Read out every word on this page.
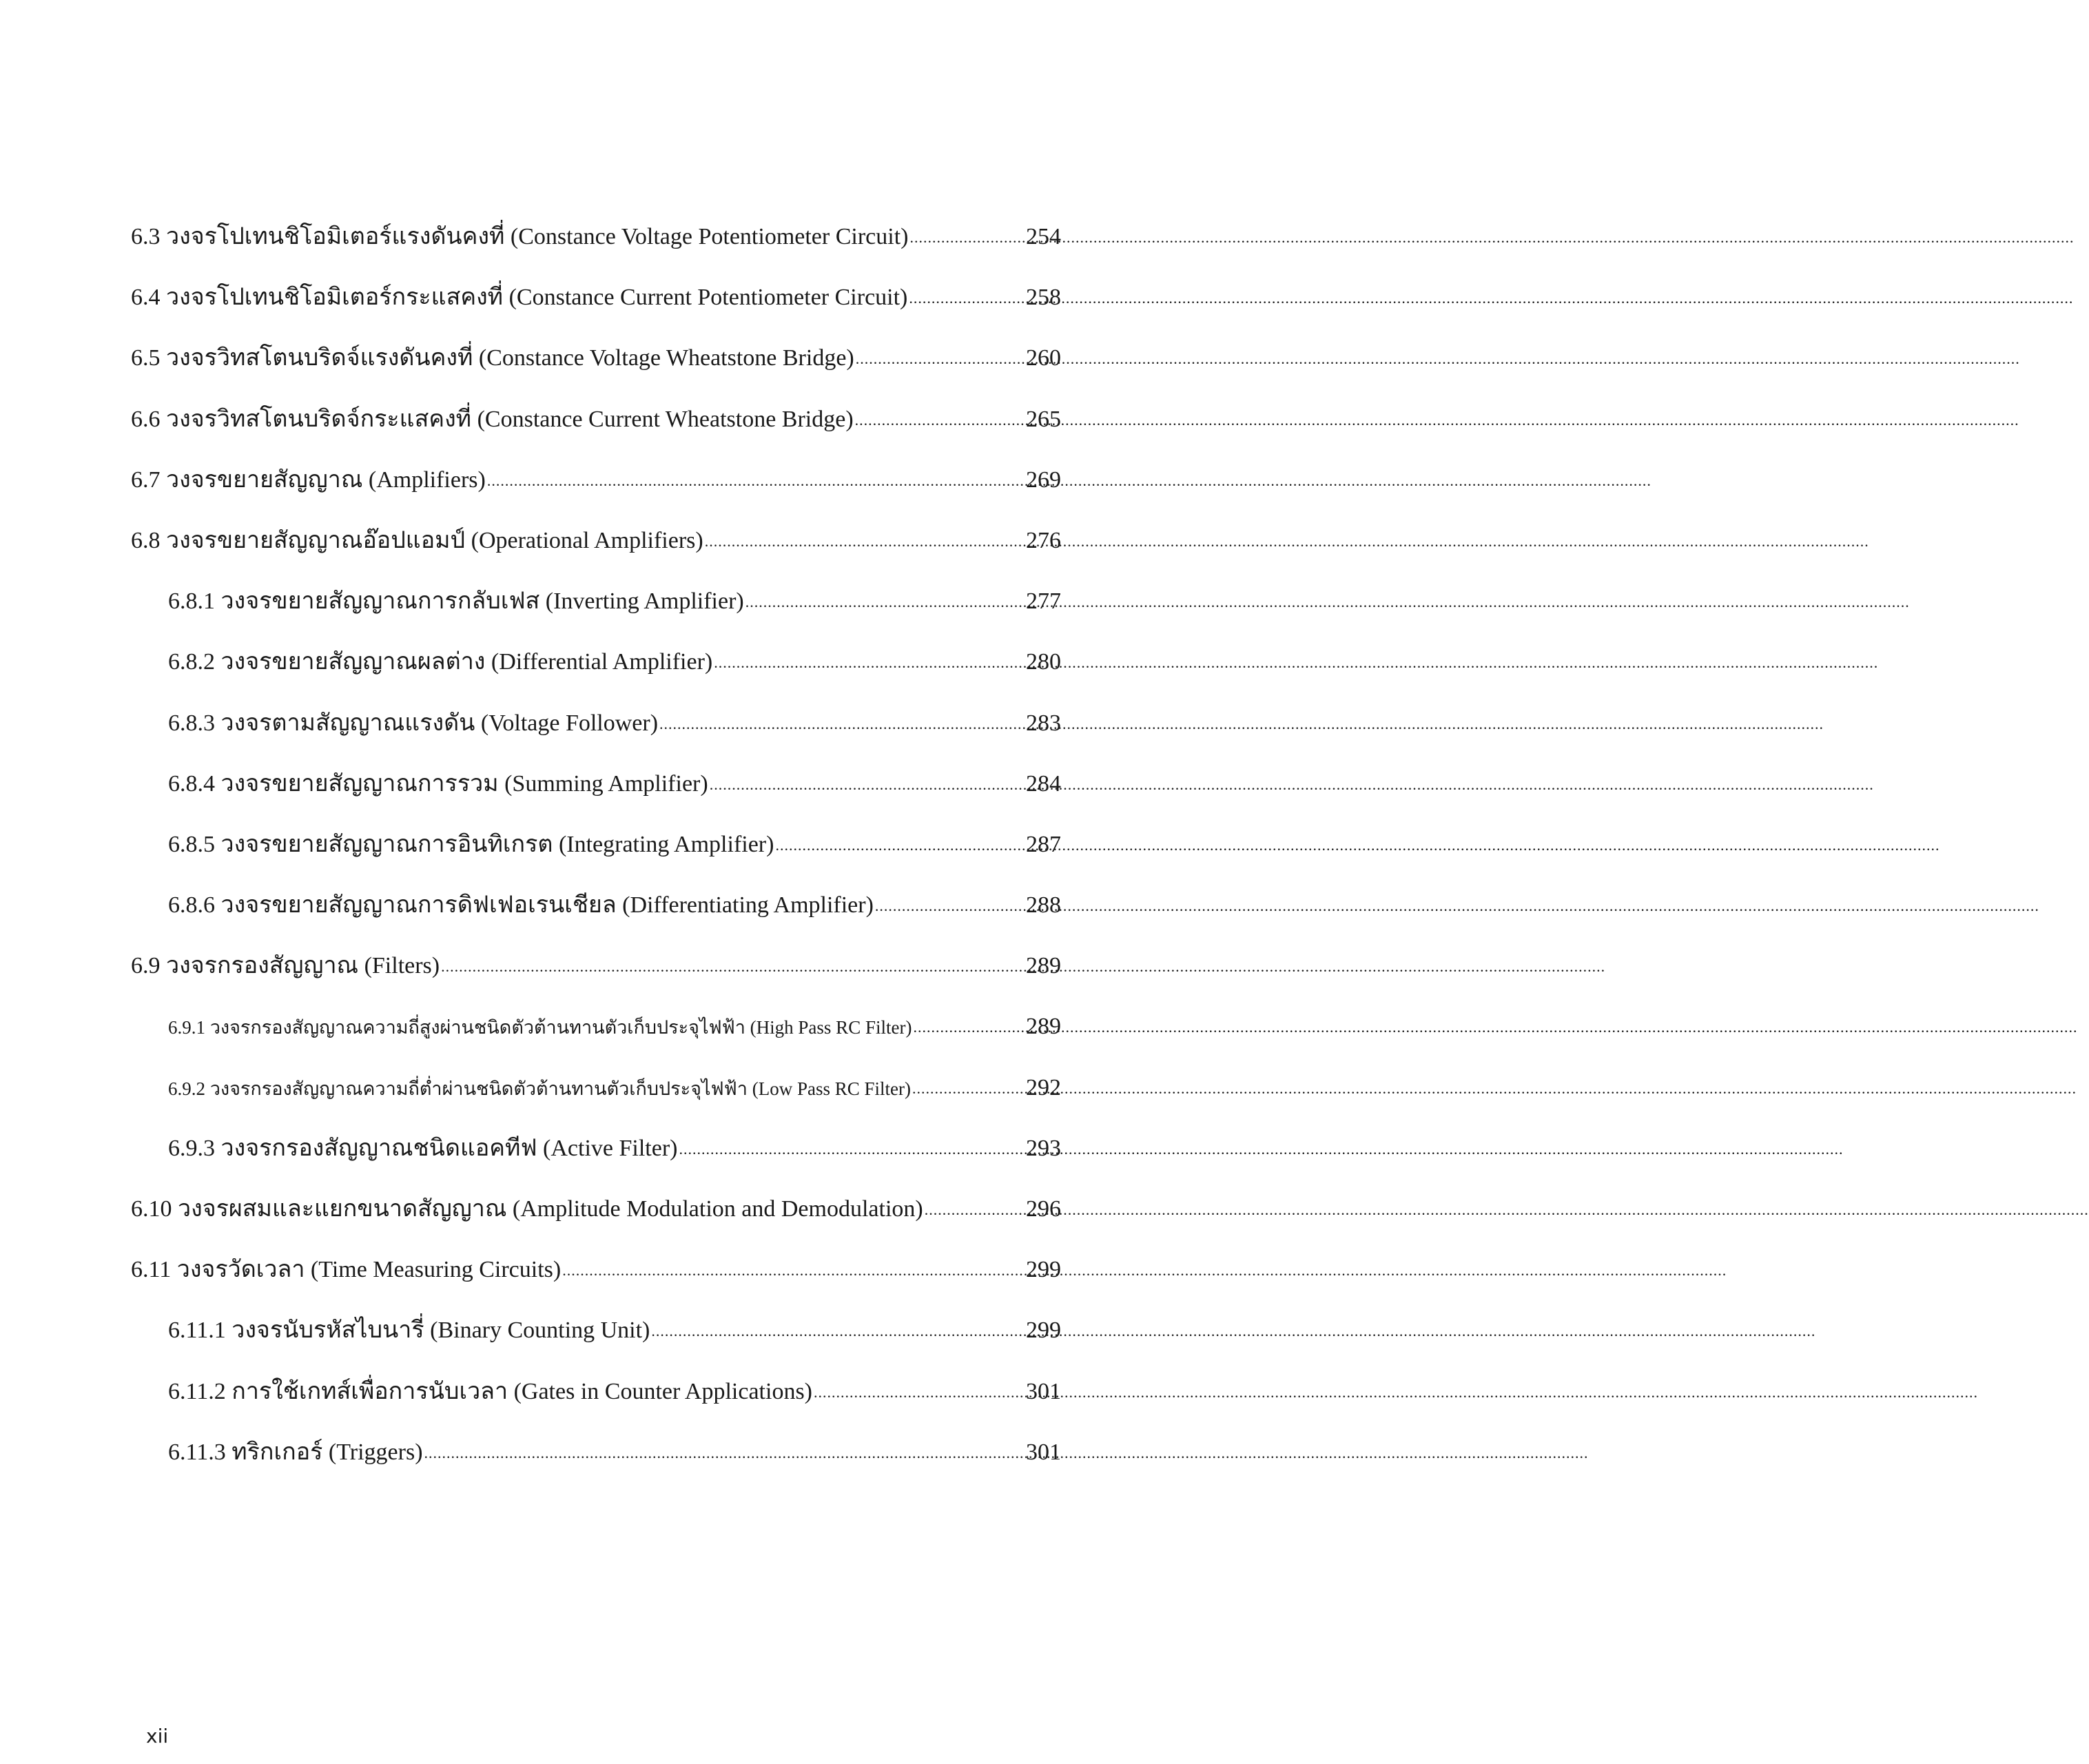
6.3 วงจรโปเทนชิโอมิเตอร์แรงดันคงที่ (Constance Voltage Potentiometer Circuit) .....	254
6.4 วงจรโปเทนชิโอมิเตอร์กระแสคงที่ (Constance Current Potentiometer Circuit) .....	258
6.5 วงจรวิทสโตนบริดจ์แรงดันคงที่ (Constance Voltage Wheatstone Bridge) .....	260
6.6 วงจรวิทสโตนบริดจ์กระแสคงที่ (Constance Current Wheatstone Bridge) .....	265
6.7 วงจรขยายสัญญาณ (Amplifiers) .....	269
6.8 วงจรขยายสัญญาณอ๊อปแอมป์ (Operational Amplifiers) .....	276
6.8.1 วงจรขยายสัญญาณการกลับเฟส (Inverting Amplifier) .....	277
6.8.2 วงจรขยายสัญญาณผลต่าง (Differential Amplifier) .....	280
6.8.3 วงจรตามสัญญาณแรงดัน (Voltage Follower) .....	283
6.8.4 วงจรขยายสัญญาณการรวม (Summing Amplifier) .....	284
6.8.5 วงจรขยายสัญญาณการอินทิเกรต (Integrating Amplifier) .....	287
6.8.6 วงจรขยายสัญญาณการดิฟเฟอเรนเชียล (Differentiating Amplifier) .....	288
6.9 วงจรกรองสัญญาณ (Filters) .....	289
6.9.1 วงจรกรองสัญญาณความถี่สูงผ่านชนิดตัวต้านทานตัวเก็บประจุไฟฟ้า (High Pass RC Filter) .....	289
6.9.2 วงจรกรองสัญญาณความถี่ต่ำผ่านชนิดตัวต้านทานตัวเก็บประจุไฟฟ้า (Low Pass RC Filter) .....	292
6.9.3 วงจรกรองสัญญาณชนิดแอคทีฟ (Active Filter) .....	293
6.10 วงจรผสมและแยกขนาดสัญญาณ (Amplitude Modulation and Demodulation) .....	296
6.11 วงจรวัดเวลา (Time Measuring Circuits) .....	299
6.11.1 วงจรนับรหัสไบนารี่ (Binary Counting Unit) .....	299
6.11.2 การใช้เกทส์เพื่อการนับเวลา (Gates in Counter Applications) .....	301
6.11.3 ทริกเกอร์ (Triggers) .....	301
xii
